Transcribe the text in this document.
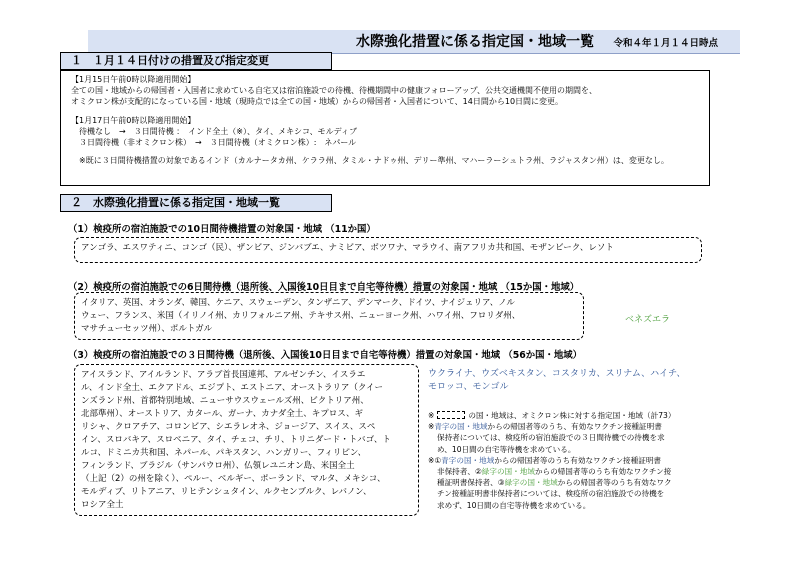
水際強化措置に係る指定国・地域一覧 令和４年１月１４日時点
１ １月１４日付けの措置及び指定変更
【1月15日午前0時以降適用開始】
全ての国・地域からの帰国者・入国者に求めている自宅又は宿泊施設での待機、待機期間中の健康フォローアップ、公共交通機関不使用の期間を、
オミクロン株が支配的になっている国・地域（現時点では全ての国・地域）からの帰国者・入国者について、14日間から10日間に変更。
【1月17日午前0時以降適用開始】
　待機なし　→　３日間待機 ：　インド全土（※）、タイ、メキシコ、モルディブ
　３日間待機（非オミクロン株）　→　３日間待機（オミクロン株）:　ネパール
　※既に３日間待機措置の対象であるインド（カルナータカ州、ケララ州、タミル・ナドゥ州、デリー準州、マハーラーシュトラ州、ラジャスタン州）は、変更なし。
２ 水際強化措置に係る指定国・地域一覧
（1）検疫所の宿泊施設での10日間待機措置の対象国・地域 （11か国）
アンゴラ、エスワティニ、コンゴ（民）、ザンビア、ジンバブエ、ナミビア、ボツワナ、マラウイ、南アフリカ共和国、モザンビーク、レソト
（2）検疫所の宿泊施設での6日間待機（退所後、入国後10日目まで自宅等待機）措置の対象国・地域 （15か国・地域）
イタリア、英国、オランダ、韓国、ケニア、スウェーデン、タンザニア、デンマーク、ドイツ、ナイジェリア、ノル
ウェー、フランス、米国（イリノイ州、カリフォルニア州、テキサス州、ニューヨーク州、ハワイ州、フロリダ州、
マサチューセッツ州）、ポルトガル
ベネズエラ
（3）検疫所の宿泊施設での３日間待機（退所後、入国後10日目まで自宅等待機）措置の対象国・地域 （56か国・地域）
アイスランド、アイルランド、アラブ首長国連邦、アルゼンチン、イスラエ
ル、インド全土、エクアドル、エジプト、エストニア、オーストラリア（クイー
ンズランド州、首都特別地域、ニューサウスウェールズ州、ビクトリア州、
北部準州）、オーストリア、カタール、ガーナ、カナダ全土、キプロス、ギ
リシャ、クロアチア、コロンビア、シエラレオネ、ジョージア、スイス、スペ
イン、スロバキア、スロベニア、タイ、チェコ、チリ、トリニダード・トバゴ、ト
ルコ、ドミニカ共和国、ネパール、パキスタン、ハンガリー、フィリピン、
フィンランド、ブラジル（サンパウロ州）、仏領レユニオン島、米国全土
（上記（2）の州を除く）、ペルー、ベルギー、ポーランド、マルタ、メキシコ、
モルディブ、リトアニア、リヒテンシュタイン、ルクセンブルク、レバノン、
ロシア全土
ウクライナ、ウズベキスタン、コスタリカ、スリナム、ハイチ、
モロッコ、モンゴル
※	の国・地域は、オミクロン株に対する指定国・地域（計73）
※青字の国・地域からの帰国者等のうち、有効なワクチン接種証明書
保持者については、検疫所の宿泊施設での３日間待機での待機を求
め、10日間の自宅等待機を求めている。
※①青字の国・地域からの帰国者等のうち有効なワクチン接種証明書
非保持者、②緑字の国・地域からの帰国者等のうち有効なワクチン接
種証明書保持者、③緑字の国・地域からの帰国者等のうち有効なワク
チン接種証明書非保持者については、検疫所の宿泊施設での待機を
求めず、10日間の自宅等待機を求めている。
